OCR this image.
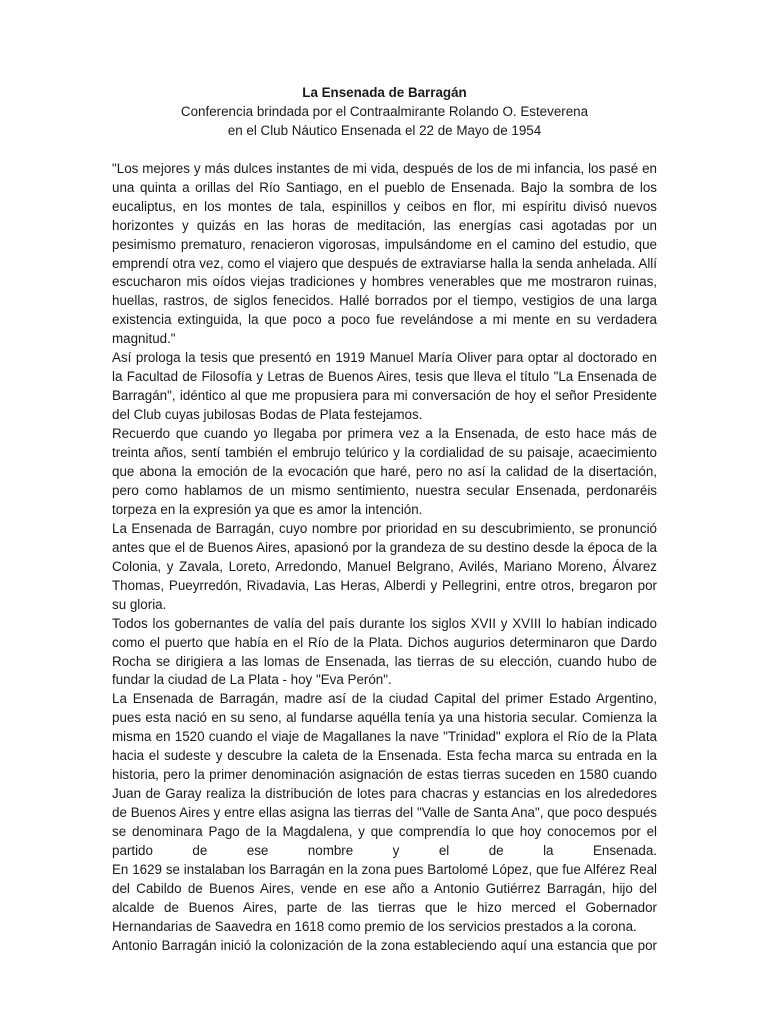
La Ensenada de Barragán
Conferencia brindada por el Contraalmirante Rolando O. Esteverena
en el Club Náutico Ensenada el 22 de Mayo de 1954

"Los mejores y más dulces instantes de mi vida, después de los de mi infancia, los pasé en una quinta a orillas del Río Santiago, en el pueblo de Ensenada. Bajo la sombra de los eucaliptus, en los montes de tala, espinillos y ceibos en flor, mi espíritu divisó nuevos horizontes y quizás en las horas de meditación, las energías casi agotadas por un pesimismo prematuro, renacieron vigorosas, impulsándome en el camino del estudio, que emprendí otra vez, como el viajero que después de extraviarse halla la senda anhelada. Allí escucharon mis oídos viejas tradiciones y hombres venerables que me mostraron ruinas, huellas, rastros, de siglos fenecidos. Hallé borrados por el tiempo, vestigios de una larga existencia extinguida, la que poco a poco fue revelándose a mi mente en su verdadera magnitud."

Así prologa la tesis que presentó en 1919 Manuel María Oliver para optar al doctorado en la Facultad de Filosofía y Letras de Buenos Aires, tesis que lleva el título "La Ensenada de Barragán", idéntico al que me propusiera para mi conversación de hoy el señor Presidente del Club cuyas jubilosas Bodas de Plata festejamos.

Recuerdo que cuando yo llegaba por primera vez a la Ensenada, de esto hace más de treinta años, sentí también el embrujo telúrico y la cordialidad de su paisaje, acaecimiento que abona la emoción de la evocación que haré, pero no así la calidad de la disertación, pero como hablamos de un mismo sentimiento, nuestra secular Ensenada, perdonaréis torpeza en la expresión ya que es amor la intención.

La Ensenada de Barragán, cuyo nombre por prioridad en su descubrimiento, se pronunció antes que el de Buenos Aires, apasionó por la grandeza de su destino desde la época de la Colonia, y Zavala, Loreto, Arredondo, Manuel Belgrano, Avilés, Mariano Moreno, Álvarez Thomas, Pueyrredón, Rivadavia, Las Heras, Alberdi y Pellegrini, entre otros, bregaron por su gloria.

Todos los gobernantes de valía del país durante los siglos XVII y XVIII lo habían indicado como el puerto que había en el Río de la Plata. Dichos augurios determinaron que Dardo Rocha se dirigiera a las lomas de Ensenada, las tierras de su elección, cuando hubo de fundar la ciudad de La Plata - hoy "Eva Perón".

La Ensenada de Barragán, madre así de la ciudad Capital del primer Estado Argentino, pues esta nació en su seno, al fundarse aquélla tenía ya una historia secular. Comienza la misma en 1520 cuando el viaje de Magallanes la nave "Trinidad" explora el Río de la Plata hacia el sudeste y descubre la caleta de la Ensenada. Esta fecha marca su entrada en la historia, pero la primer denominación asignación de estas tierras suceden en 1580 cuando Juan de Garay realiza la distribución de lotes para chacras y estancias en los alrededores de Buenos Aires y entre ellas asigna las tierras del "Valle de Santa Ana", que poco después se denominara Pago de la Magdalena, y que comprendía lo que hoy conocemos por el partido de ese nombre y el de la Ensenada.

En 1629 se instalaban los Barragán en la zona pues Bartolomé López, que fue Alférez Real del Cabildo de Buenos Aires, vende en ese año a Antonio Gutiérrez Barragán, hijo del alcalde de Buenos Aires, parte de las tierras que le hizo merced el Gobernador Hernandarias de Saavedra en 1618 como premio de los servicios prestados a la corona.

Antonio Barragán inició la colonización de la zona estableciendo aquí una estancia que por
